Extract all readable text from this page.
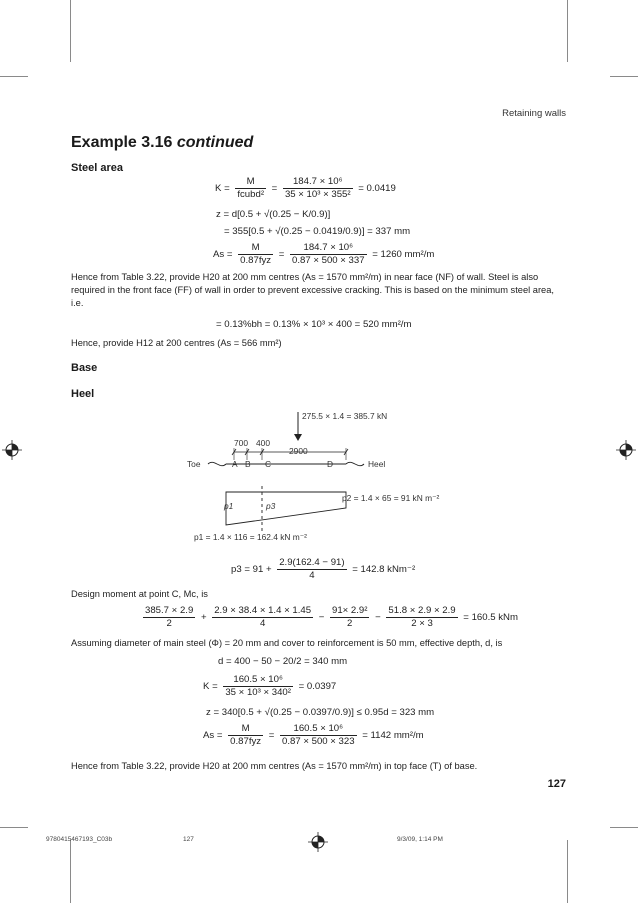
Retaining walls
Example 3.16 continued
Steel area
$K = \frac{M}{\text{fcubd²}} = \frac{\text{184.7 × 10⁶}}{\text{35 × 10³ × 355²}} = 0.0419$
z = d[0.5 + √(0.25 − K/0.9)]
= 355[0.5 + √(0.25 − 0.0419/0.9)] = 337 mm
$As = \frac{M}{\text{0.87fyz}} = \frac{\text{184.7 × 10⁶}}{0.87 \times 500 \times 337} = 1260$ mm²/m
Hence from Table 3.22, provide H20 at 200 mm centres (As = 1570 mm²/m) in near face (NF) of wall. Steel is also required in the front face (FF) of wall in order to prevent excessive cracking. This is based on the minimum steel area, i.e.
= 0.13%bh = 0.13% × 10³ × 400 = 520 mm²/m
Hence, provide H12 at 200 centres (As = 566 mm²)
Base
Heel
275.5 × 1.4 = 385.7 kN
700 400
2900
Toe	Heel
A B C	D
p1	p3
p2 = 1.4 × 65 = 91 kN m⁻²
p1 = 1.4 × 116 = 162.4 kN m⁻²
$p3 = 91 + \frac{2.9(162.4 - 91)}{4} = 142.8$ kNm⁻²
Design moment at point C, Mc, is
$\frac{385.7 \times 2.9}{2} + \frac{2.9 \times 38.4 \times 1.4 \times 1.45}{4} - \frac{\text{91× 2.9²}}{2} - \frac{51.8 \times 2.9 \times 2.9}{2 \times 3} = 160.5$ kNm
Assuming diameter of main steel (Φ) = 20 mm and cover to reinforcement is 50 mm, effective depth, d, is
d = 400 − 50 − 20/2 = 340 mm
$K = \frac{\text{160.5 × 10⁶}}{\text{35 × 10³ × 340²}} = 0.0397$
z = 340[0.5 + √(0.25 − 0.0397/0.9)] ≤ 0.95d = 323 mm
$As = \frac{M}{\text{0.87fyz}} = \frac{\text{160.5 × 10⁶}}{0.87 \times 500 \times 323} = 1142$ mm²/m
Hence from Table 3.22, provide H20 at 200 mm centres (As = 1570 mm²/m) in top face (T) of base.
127
9780415467193_C03b	127	9/3/09, 1:14 PM
